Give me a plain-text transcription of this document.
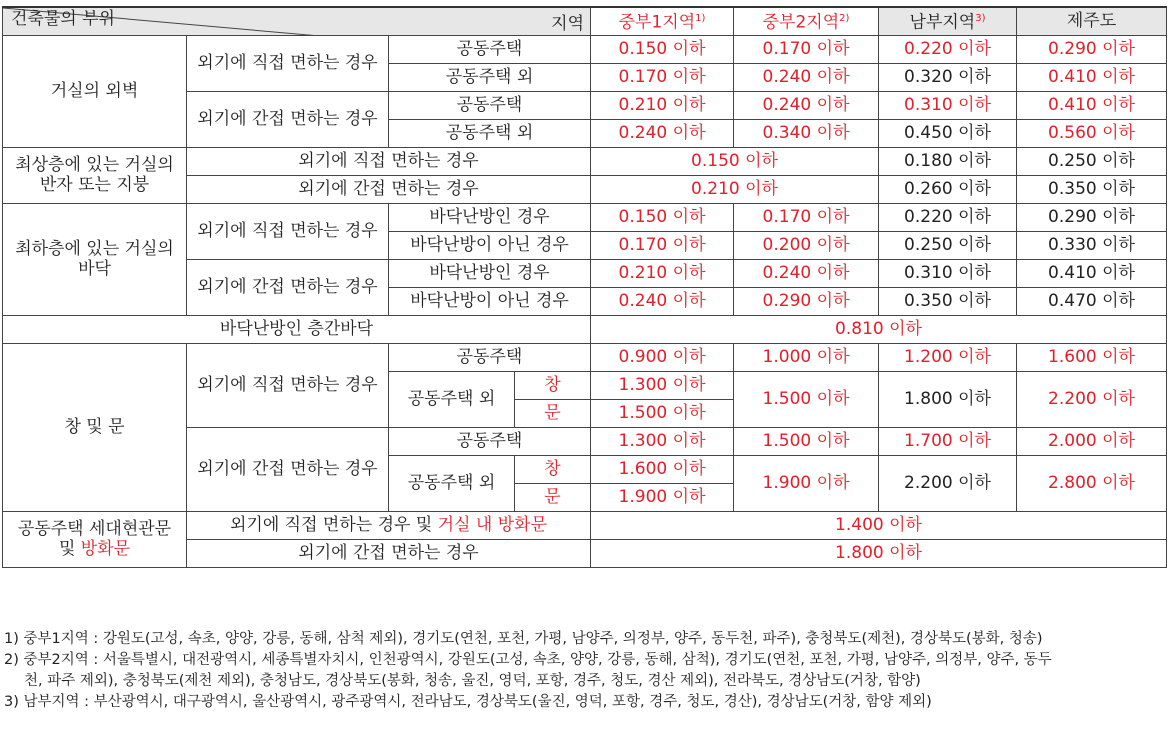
지역
건축물의 부위				중부1지역$^{1)}$	중부2지역$^{2)}$	남부지역$^{3)}$	제주도
거실의 외벽	외기에 직접 면하는 경우	공동주택		0.150 이하	0.170 이하	0.220 이하	0.290 이하
		공동주택 외		0.170 이하	0.240 이하	0.320 이하	0.410 이하
	외기에 간접 면하는 경우	공동주택		0.210 이하	0.240 이하	0.310 이하	0.410 이하
		공동주택 외		0.240 이하	0.340 이하	0.450 이하	0.560 이하
최상층에 있는 거실의
반자 또는 지붕	외기에 직접 면하는 경우			0.150 이하		0.180 이하	0.250 이하
	외기에 간접 면하는 경우			0.210 이하		0.260 이하	0.350 이하
최하층에 있는 거실의
바닥	외기에 직접 면하는 경우	바닥난방인 경우		0.150 이하	0.170 이하	0.220 이하	0.290 이하
		바닥난방이 아닌 경우		0.170 이하	0.200 이하	0.250 이하	0.330 이하
	외기에 간접 면하는 경우	바닥난방인 경우		0.210 이하	0.240 이하	0.310 이하	0.410 이하
		바닥난방이 아닌 경우		0.240 이하	0.290 이하	0.350 이하	0.470 이하
바닥난방인 층간바닥				0.810 이하			
창 및 문	외기에 직접 면하는 경우	공동주택		0.900 이하	1.000 이하	1.200 이하	1.600 이하
		공동주택 외	창	1.300 이하	1.500 이하	1.800 이하	2.200 이하
			문	1.500 이하			
	외기에 간접 면하는 경우	공동주택		1.300 이하	1.500 이하	1.700 이하	2.000 이하
		공동주택 외	창	1.600 이하	1.900 이하	2.200 이하	2.800 이하
			문	1.900 이하			
공동주택 세대현관문
및 방화문	외기에 직접 면하는 경우 및 거실 내 방화문			1.400 이하			
	외기에 간접 면하는 경우			1.800 이하			
1) 중부1지역 : 강원도(고성, 속초, 양양, 강릉, 동해, 삼척 제외), 경기도(연천, 포천, 가평, 남양주, 의정부, 양주, 동두천, 파주), 충청북도(제천), 경상북도(봉화, 청송)
2) 중부2지역 : 서울특별시, 대전광역시, 세종특별자치시, 인천광역시, 강원도(고성, 속초, 양양, 강릉, 동해, 삼척), 경기도(연천, 포천, 가평, 남양주, 의정부, 양주, 동두
천, 파주 제외), 충청북도(제천 제외), 충청남도, 경상북도(봉화, 청송, 울진, 영덕, 포항, 경주, 청도, 경산 제외), 전라북도, 경상남도(거창, 함양)
3) 남부지역 : 부산광역시, 대구광역시, 울산광역시, 광주광역시, 전라남도, 경상북도(울진, 영덕, 포항, 경주, 청도, 경산), 경상남도(거창, 함양 제외)
